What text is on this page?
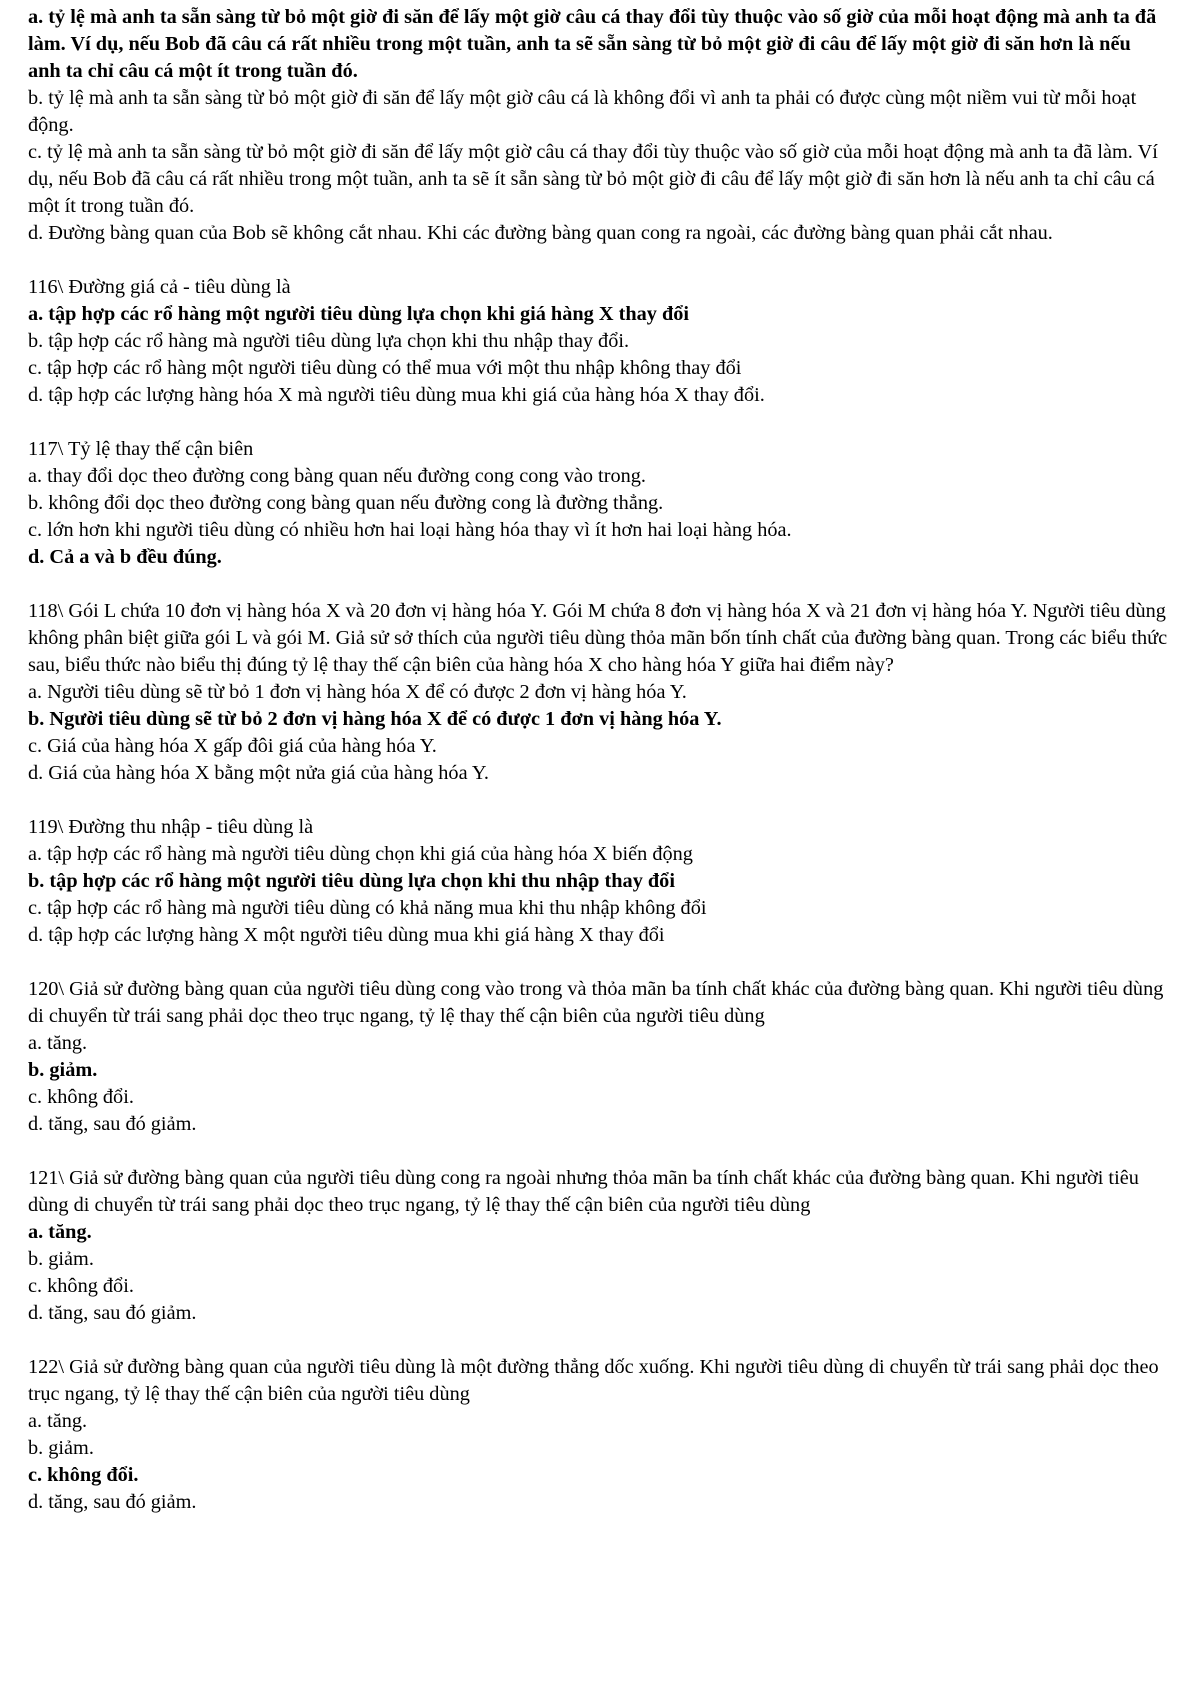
a. tỷ lệ mà anh ta sẵn sàng từ bỏ một giờ đi săn để lấy một giờ câu cá thay đổi tùy thuộc vào số giờ của mỗi hoạt động mà anh ta đã làm. Ví dụ, nếu Bob đã câu cá rất nhiều trong một tuần, anh ta sẽ sẵn sàng từ bỏ một giờ đi câu để lấy một giờ đi săn hơn là nếu anh ta chỉ câu cá một ít trong tuần đó.

b. tỷ lệ mà anh ta sẵn sàng từ bỏ một giờ đi săn để lấy một giờ câu cá là không đổi vì anh ta phải có được cùng một niềm vui từ mỗi hoạt động.

c. tỷ lệ mà anh ta sẵn sàng từ bỏ một giờ đi săn để lấy một giờ câu cá thay đổi tùy thuộc vào số giờ của mỗi hoạt động mà anh ta đã làm. Ví dụ, nếu Bob đã câu cá rất nhiều trong một tuần, anh ta sẽ ít sẵn sàng từ bỏ một giờ đi câu để lấy một giờ đi săn hơn là nếu anh ta chỉ câu cá một ít trong tuần đó.

d. Đường bàng quan của Bob sẽ không cắt nhau. Khi các đường bàng quan cong ra ngoài, các đường bàng quan phải cắt nhau.

116\ Đường giá cả - tiêu dùng là

a. tập hợp các rổ hàng một người tiêu dùng lựa chọn khi giá hàng X thay đổi

b. tập hợp các rổ hàng mà người tiêu dùng lựa chọn khi thu nhập thay đổi.

c. tập hợp các rổ hàng một người tiêu dùng có thể mua với một thu nhập không thay đổi

d. tập hợp các lượng hàng hóa X mà người tiêu dùng mua khi giá của hàng hóa X thay đổi.

117\ Tỷ lệ thay thế cận biên

a. thay đổi dọc theo đường cong bàng quan nếu đường cong cong vào trong.

b. không đổi dọc theo đường cong bàng quan nếu đường cong là đường thẳng.

c. lớn hơn khi người tiêu dùng có nhiều hơn hai loại hàng hóa thay vì ít hơn hai loại hàng hóa.

d. Cả a và b đều đúng.

118\ Gói L chứa 10 đơn vị hàng hóa X và 20 đơn vị hàng hóa Y. Gói M chứa 8 đơn vị hàng hóa X và 21 đơn vị hàng hóa Y. Người tiêu dùng không phân biệt giữa gói L và gói M. Giả sử sở thích của người tiêu dùng thỏa mãn bốn tính chất của đường bàng quan. Trong các biểu thức sau, biểu thức nào biểu thị đúng tỷ lệ thay thế cận biên của hàng hóa X cho hàng hóa Y giữa hai điểm này?

a. Người tiêu dùng sẽ từ bỏ 1 đơn vị hàng hóa X để có được 2 đơn vị hàng hóa Y.

b. Người tiêu dùng sẽ từ bỏ 2 đơn vị hàng hóa X để có được 1 đơn vị hàng hóa Y.

c. Giá của hàng hóa X gấp đôi giá của hàng hóa Y.

d. Giá của hàng hóa X bằng một nửa giá của hàng hóa Y.

119\ Đường thu nhập - tiêu dùng là

a. tập hợp các rổ hàng mà người tiêu dùng chọn khi giá của hàng hóa X biến động

b. tập hợp các rổ hàng một người tiêu dùng lựa chọn khi thu nhập thay đổi

c. tập hợp các rổ hàng mà người tiêu dùng có khả năng mua khi thu nhập không đổi

d. tập hợp các lượng hàng X một người tiêu dùng mua khi giá hàng X thay đổi

120\ Giả sử đường bàng quan của người tiêu dùng cong vào trong và thỏa mãn ba tính chất khác của đường bàng quan. Khi người tiêu dùng di chuyển từ trái sang phải dọc theo trục ngang, tỷ lệ thay thế cận biên của người tiêu dùng

a. tăng.

b. giảm.

c. không đổi.

d. tăng, sau đó giảm.

121\ Giả sử đường bàng quan của người tiêu dùng cong ra ngoài nhưng thỏa mãn ba tính chất khác của đường bàng quan. Khi người tiêu dùng di chuyển từ trái sang phải dọc theo trục ngang, tỷ lệ thay thế cận biên của người tiêu dùng

a. tăng.

b. giảm.

c. không đổi.

d. tăng, sau đó giảm.

122\ Giả sử đường bàng quan của người tiêu dùng là một đường thẳng dốc xuống. Khi người tiêu dùng di chuyển từ trái sang phải dọc theo trục ngang, tỷ lệ thay thế cận biên của người tiêu dùng

a. tăng.

b. giảm.

c. không đổi.

d. tăng, sau đó giảm.
